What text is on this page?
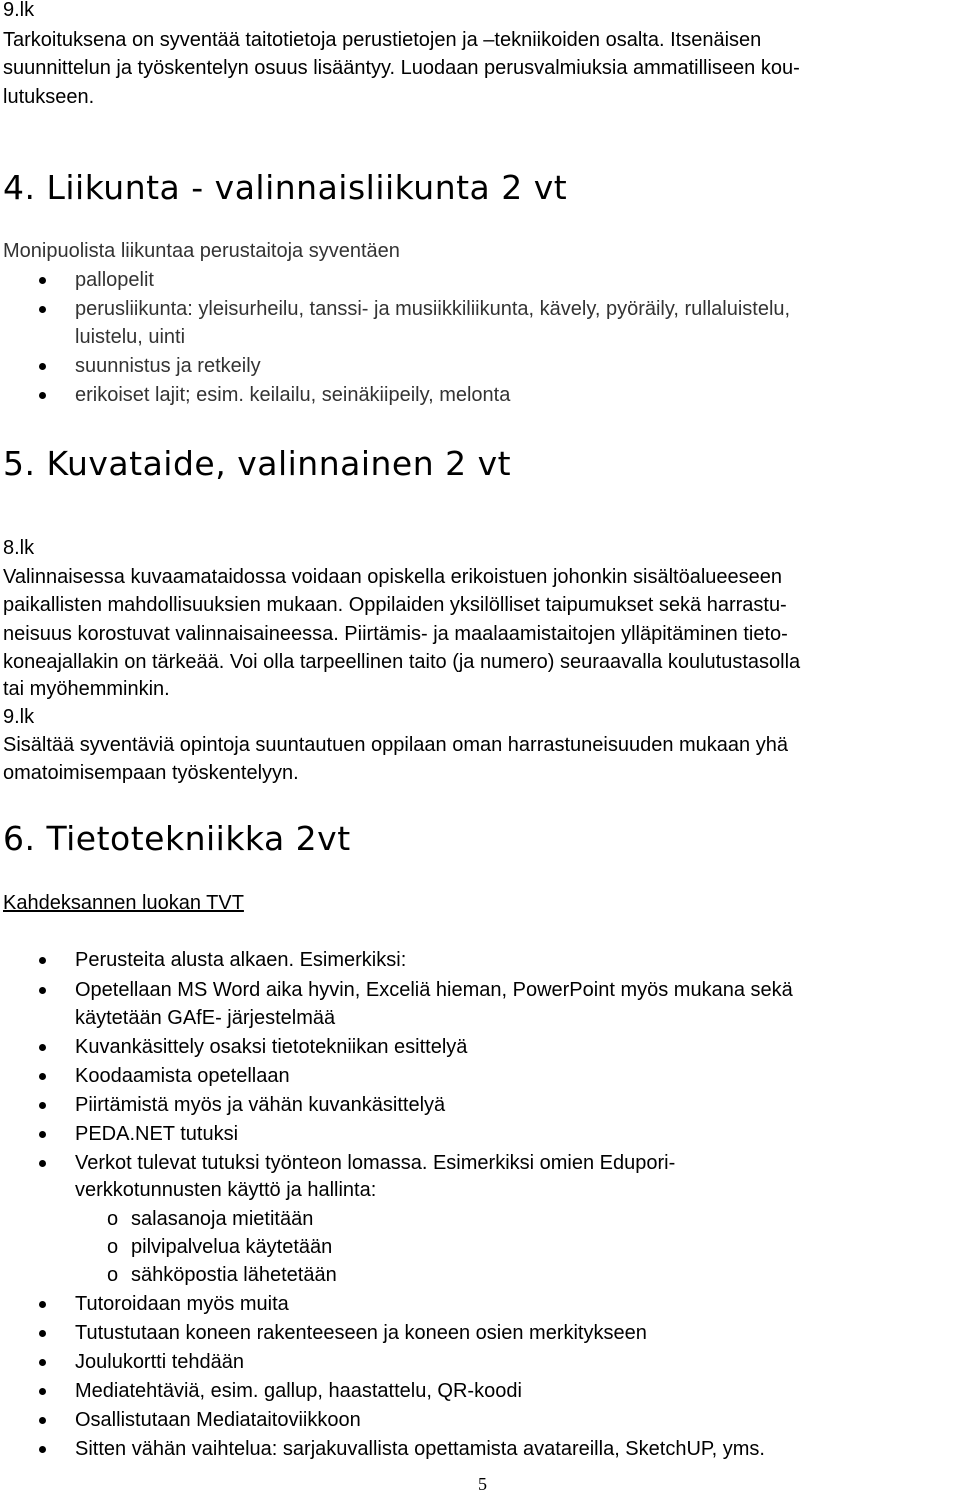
9.lk
Tarkoituksena on syventää taitotietoja perustietojen ja –tekniikoiden osalta. Itsenäisen
suunnittelun ja työskentelyn osuus lisääntyy. Luodaan perusvalmiuksia ammatilliseen kou-
lutukseen.
4. Liikunta - valinnaisliikunta 2 vt
Monipuolista liikuntaa perustaitoja syventäen
pallopelit
perusliikunta: yleisurheilu, tanssi- ja musiikkiliikunta, kävely, pyöräily, rullaluistelu,
luistelu, uinti
suunnistus ja retkeily
erikoiset lajit; esim. keilailu, seinäkiipeily, melonta
5. Kuvataide, valinnainen 2 vt
8.lk
Valinnaisessa kuvaamataidossa voidaan opiskella erikoistuen johonkin sisältöalueeseen
paikallisten mahdollisuuksien mukaan. Oppilaiden yksilölliset taipumukset sekä harrastu-
neisuus korostuvat valinnaisaineessa. Piirtämis- ja maalaamistaitojen ylläpitäminen tieto-
koneajallakin on tärkeää. Voi olla tarpeellinen taito (ja numero) seuraavalla koulutustasolla
tai myöhemminkin.
9.lk
Sisältää syventäviä opintoja suuntautuen oppilaan oman harrastuneisuuden mukaan yhä
omatoimisempaan työskentelyyn.
6. Tietotekniikka 2vt
Kahdeksannen luokan TVT
Perusteita alusta alkaen. Esimerkiksi:
Opetellaan MS Word aika hyvin, Exceliä hieman, PowerPoint myös mukana sekä
käytetään GAfE- järjestelmää
Kuvankäsittely osaksi tietotekniikan esittelyä
Koodaamista opetellaan
Piirtämistä myös ja vähän kuvankäsittelyä
PEDA.NET tutuksi
Verkot tulevat tutuksi työnteon lomassa. Esimerkiksi omien Edupori-
verkkotunnusten käyttö ja hallinta:
o salasanoja mietitään
o pilvipalvelua käytetään
o sähköpostia lähetetään
Tutoroidaan myös muita
Tutustutaan koneen rakenteeseen ja koneen osien merkitykseen
Joulukortti tehdään
Mediatehtäviä, esim. gallup, haastattelu, QR-koodi
Osallistutaan Mediataitoviikkoon
Sitten vähän vaihtelua: sarjakuvallista opettamista avatareilla, SketchUP, yms.
5
